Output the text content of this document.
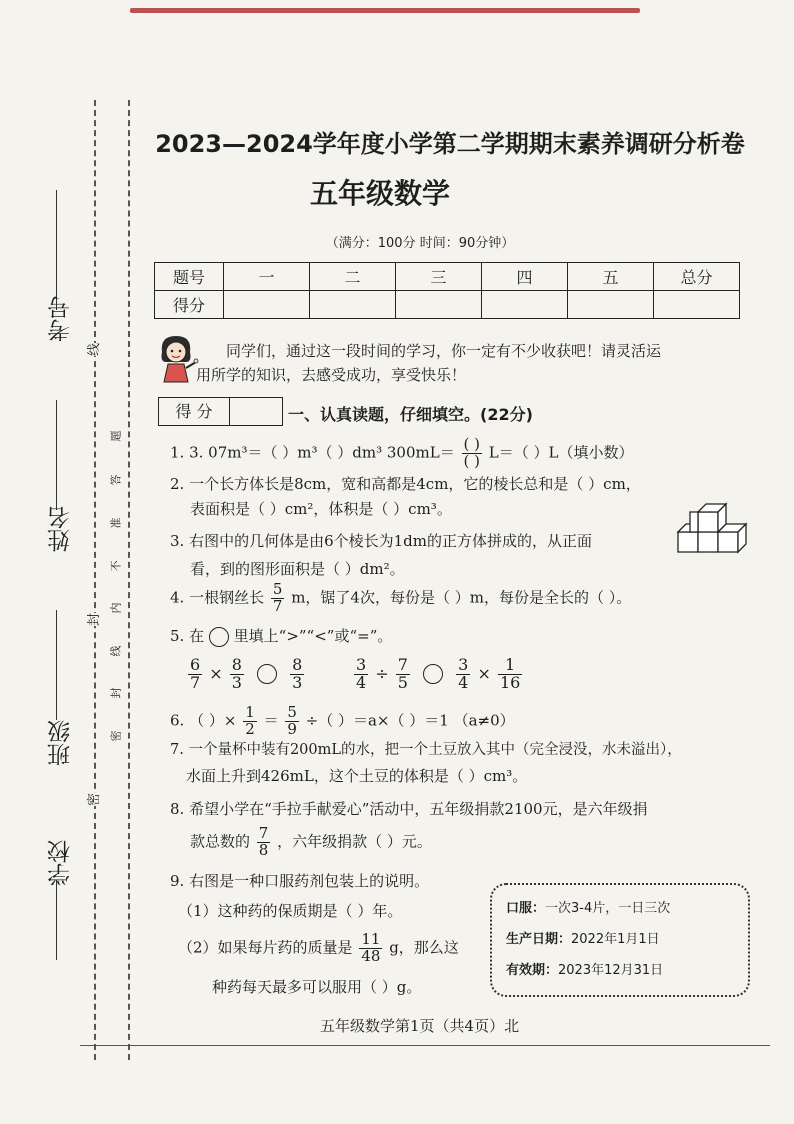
考号
姓名
班级
学校
线
封
密
题
答
准
不
内
线
封
密
2023—2024学年度小学第二学期期末素养调研分析卷
五年级数学
（满分：100分 时间：90分钟）
题号	一	二	三	四	五	总分
得分						
同学们，通过这一段时间的学习，你一定有不少收获吧！请灵活运
用所学的知识，去感受成功，享受快乐！
得 分	一、认真读题，仔细填空。(22分)
1. 3. 07m³＝（ ）m³（ ）dm³ $300mL= \frac{( )}{( )} L=$（ ）L（填小数）
2. 一个长方体长是8cm，宽和高都是4cm，它的棱长总和是（ ）cm，
表面积是（ ）cm²，体积是（ ）cm³。
3. 右图中的几何体是由6个棱长为1dm的正方体拼成的，从正面
看，到的图形面积是（ ）dm²。
4. 一根钢丝长 $\frac{5}{7}$ m，锯了4次，每份是（ ）m，每份是全长的（ ）。
5. 在 里填上“>”“<”或“=”。
$\frac{6}{7} \times \frac{8}{3}$
	$\frac{8}{3}$	$\frac{3}{4} \div \frac{7}{5}$
	$\frac{3}{4} \times \frac{1}{16}$
6. （ ）× $\frac{1}{2} = \frac{5}{9}$ ÷（ ）＝a×（ ）＝1 （a≠0）
7. 一个量杯中装有200mL的水，把一个土豆放入其中（完全浸没，水未溢出），
水面上升到426mL，这个土豆的体积是（ ）cm³。
8. 希望小学在“手拉手献爱心”活动中，五年级捐款2100元，是六年级捐
款总数的 $\frac{7}{8}$ ，六年级捐款（ ）元。
9. 右图是一种口服药剂包装上的说明。
（1）这种药的保质期是（ ）年。
（2）如果每片药的质量是 $\frac{11}{48}$ g，那么这
种药每天最多可以服用（ ）g。
口服：一次3-4片，一日三次
生产日期：2022年1月1日
有效期：2023年12月31日
五年级数学第1页（共4页）北
